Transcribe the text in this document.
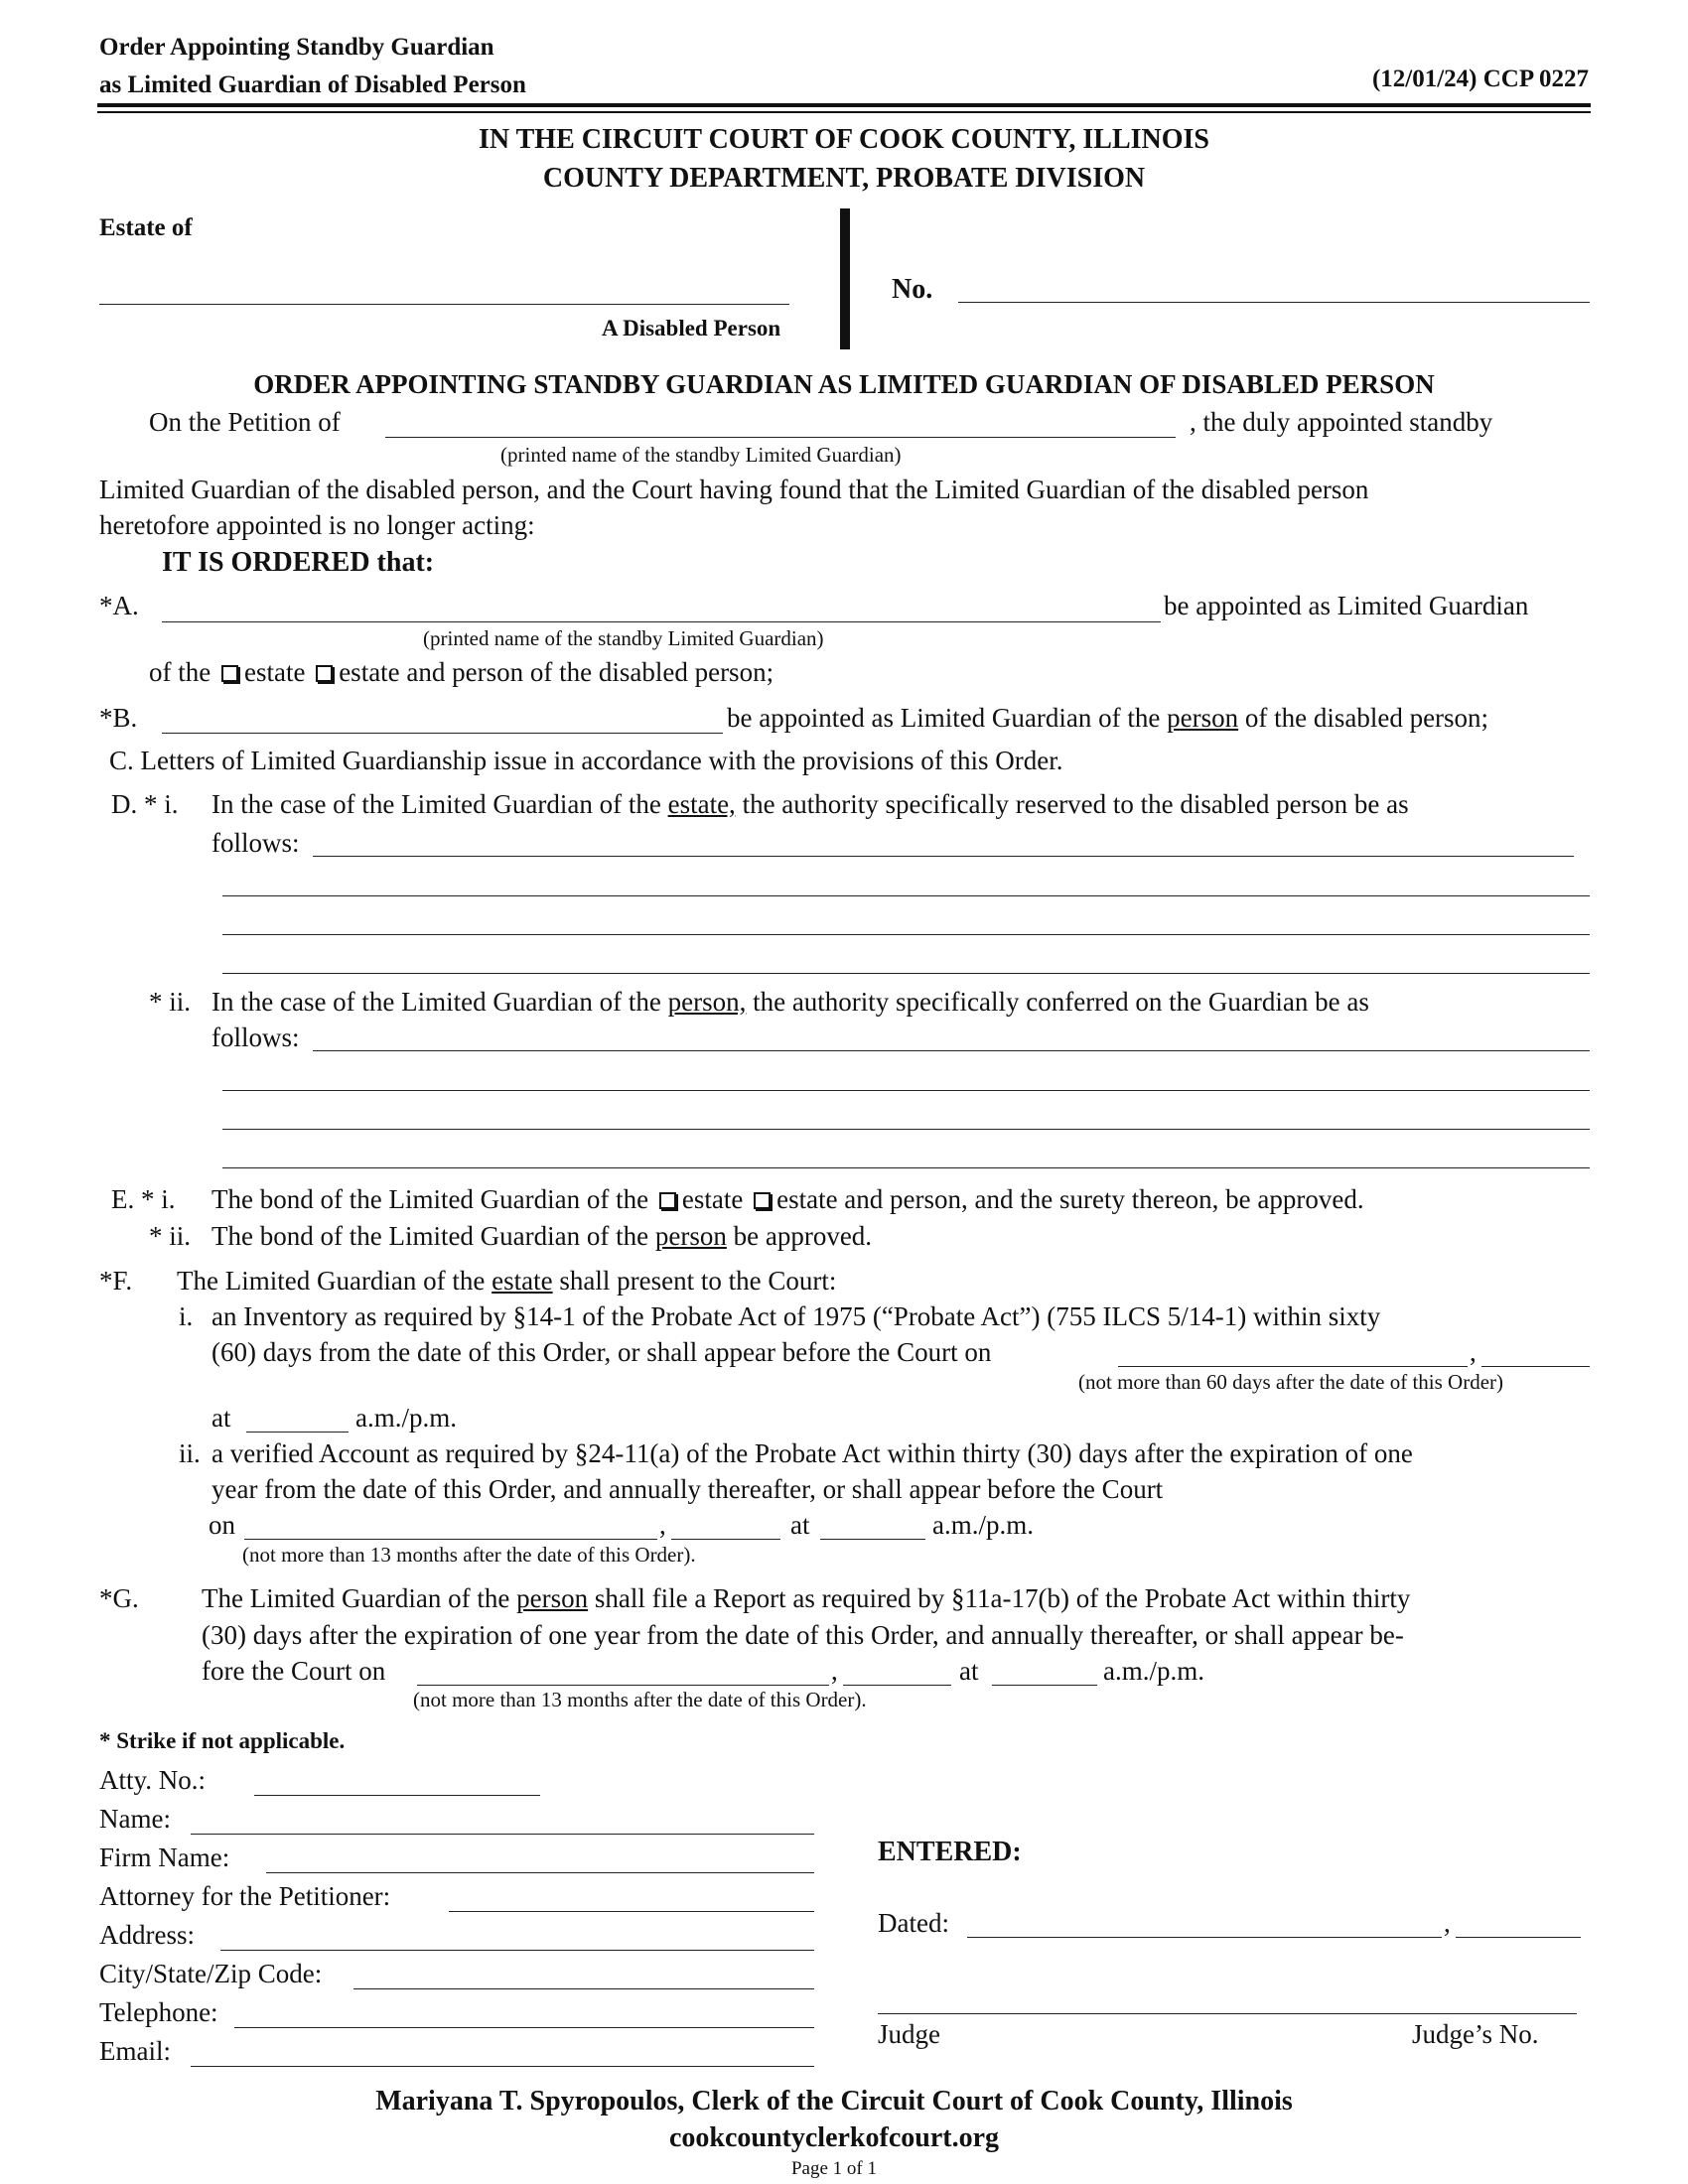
Order Appointing Standby Guardian
as Limited Guardian of Disabled Person	(12/01/24) CCP 0227
IN THE CIRCUIT COURT OF COOK COUNTY, ILLINOIS
COUNTY DEPARTMENT, PROBATE DIVISION
Estate of
A Disabled Person
No.
ORDER APPOINTING STANDBY GUARDIAN AS LIMITED GUARDIAN OF DISABLED PERSON
On the Petition of	, the duly appointed standby
(printed name of the standby Limited Guardian)
Limited Guardian of the disabled person, and the Court having found that the Limited Guardian of the disabled person
heretofore appointed is no longer acting:
IT IS ORDERED that:
*A.	be appointed as Limited Guardian
(printed name of the standby Limited Guardian)
of the estate estate and person of the disabled person;
*B.	be appointed as Limited Guardian of the person of the disabled person;
C. Letters of Limited Guardianship issue in accordance with the provisions of this Order.
D. * i. In the case of the Limited Guardian of the estate, the authority specifically reserved to the disabled person be as
follows:
* ii. In the case of the Limited Guardian of the person, the authority specifically conferred on the Guardian be as
follows:
E. * i. The bond of the Limited Guardian of the estate estate and person, and the surety thereon, be approved.
* ii. The bond of the Limited Guardian of the person be approved.
*F. The Limited Guardian of the estate shall present to the Court:
i. an Inventory as required by §14-1 of the Probate Act of 1975 (“Probate Act”) (755 ILCS 5/14-1) within sixty
(60) days from the date of this Order, or shall appear before the Court on	,
(not more than 60 days after the date of this Order)
at	a.m./p.m.
ii. a verified Account as required by §24-11(a) of the Probate Act within thirty (30) days after the expiration of one
year from the date of this Order, and annually thereafter, or shall appear before the Court
on	,	at	a.m./p.m.
(not more than 13 months after the date of this Order).
*G. The Limited Guardian of the person shall file a Report as required by §11a-17(b) of the Probate Act within thirty
(30) days after the expiration of one year from the date of this Order, and annually thereafter, or shall appear be-
fore the Court on	,	at	a.m./p.m.
(not more than 13 months after the date of this Order).
* Strike if not applicable.
Atty. No.:
Name:
Firm Name:
Attorney for the Petitioner:
Address:
City/State/Zip Code:
Telephone:
Email:
ENTERED:
Dated:	,
Judge	Judge’s No.
Mariyana T. Spyropoulos, Clerk of the Circuit Court of Cook County, Illinois
cookcountyclerkofcourt.org
Page 1 of 1
